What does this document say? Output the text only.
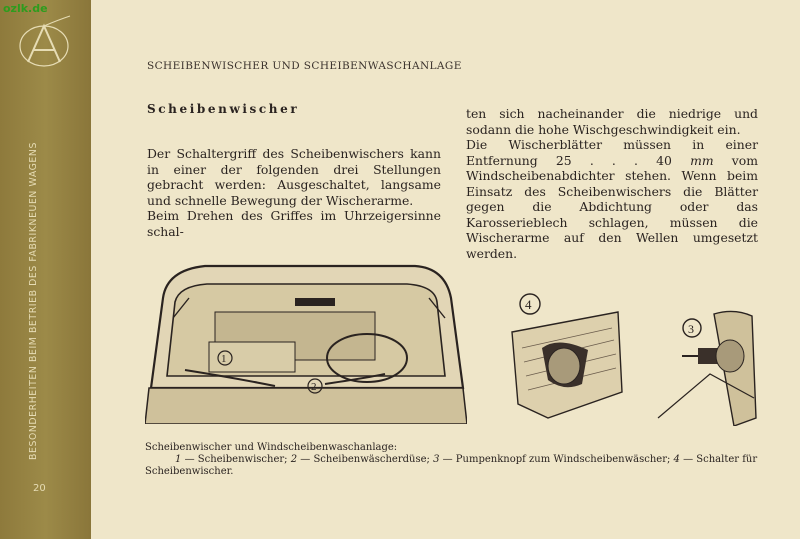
ozlk.de
BESONDERHEITEN BEIM BETRIEB DES FABRIKNEUEN WAGENS
20
SCHEIBENWISCHER UND SCHEIBENWASCHANLAGE
Scheibenwischer

Der Schaltergriff des Scheibenwischers kann in einer der folgenden drei Stellungen gebracht werden: Ausgeschaltet, langsame und schnelle Bewegung der Wischerarme.

Beim Drehen des Griffes im Uhrzeigersinne schal-

ten sich nacheinander die niedrige und sodann die hohe Wischgeschwindigkeit ein.

Die Wischerblätter müssen in einer Entfernung 25 . . . 40 mm vom Windscheibenabdichter stehen. Wenn beim Einsatz des Scheibenwischers die Blätter gegen die Abdichtung oder das Karosserieblech schlagen, müssen die Wischerarme auf den Wellen umgesetzt werden.

1
2
4
3
Scheibenwischer und Windscheibenwaschanlage:
1 — Scheibenwischer; 2 — Scheibenwäscherdüse; 3 — Pumpenknopf zum Windscheibenwäscher; 4 — Schalter für
Scheibenwischer.
